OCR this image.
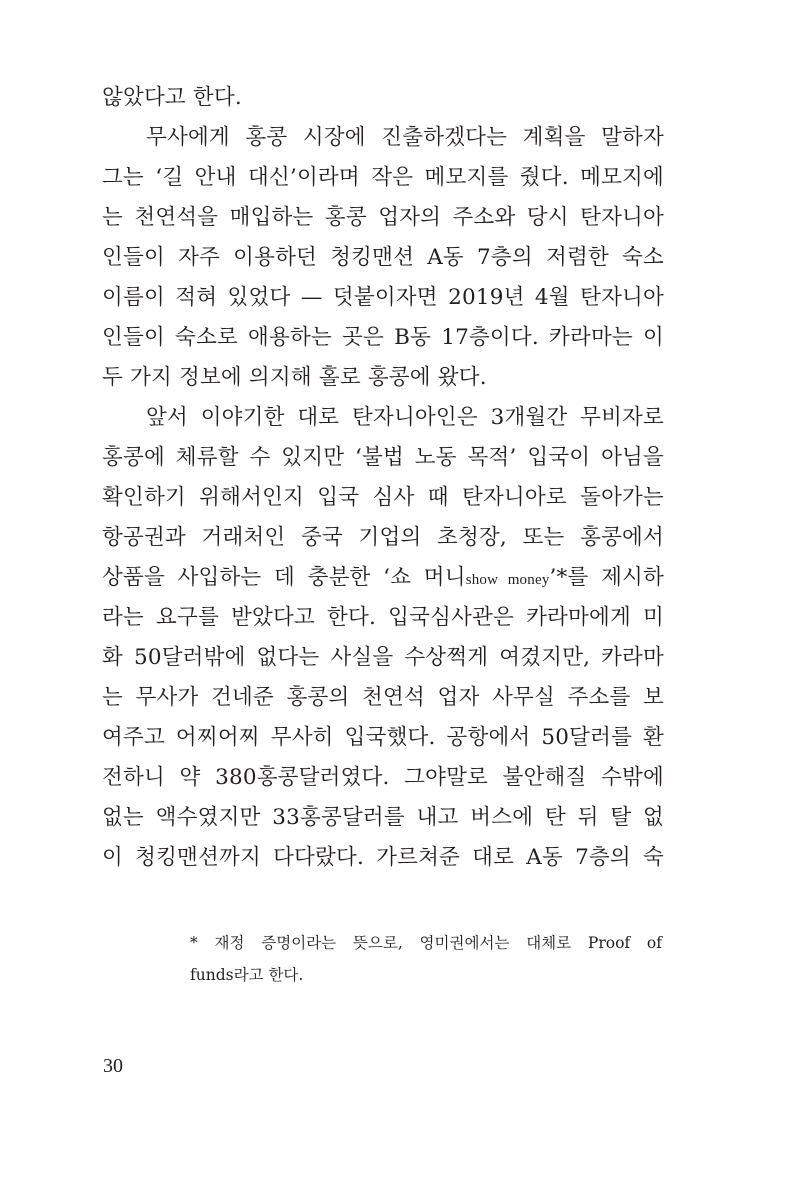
않았다고 한다.
무사에게 홍콩 시장에 진출하겠다는 계획을 말하자
그는 ‘길 안내 대신’이라며 작은 메모지를 줬다. 메모지에
는 천연석을 매입하는 홍콩 업자의 주소와 당시 탄자니아
인들이 자주 이용하던 청킹맨션 A동 7층의 저렴한 숙소
이름이 적혀 있었다 — 덧붙이자면 2019년 4월 탄자니아
인들이 숙소로 애용하는 곳은 B동 17층이다. 카라마는 이
두 가지 정보에 의지해 홀로 홍콩에 왔다.
앞서 이야기한 대로 탄자니아인은 3개월간 무비자로
홍콩에 체류할 수 있지만 ‘불법 노동 목적’ 입국이 아님을
확인하기 위해서인지 입국 심사 때 탄자니아로 돌아가는
항공권과 거래처인 중국 기업의 초청장, 또는 홍콩에서
상품을 사입하는 데 충분한 ‘쇼 머니show money’*를 제시하
라는 요구를 받았다고 한다. 입국심사관은 카라마에게 미
화 50달러밖에 없다는 사실을 수상쩍게 여겼지만, 카라마
는 무사가 건네준 홍콩의 천연석 업자 사무실 주소를 보
여주고 어찌어찌 무사히 입국했다. 공항에서 50달러를 환
전하니 약 380홍콩달러였다. 그야말로 불안해질 수밖에
없는 액수였지만 33홍콩달러를 내고 버스에 탄 뒤 탈 없
이 청킹맨션까지 다다랐다. 가르쳐준 대로 A동 7층의 숙
* 재정 증명이라는 뜻으로, 영미권에서는 대체로 Proof of
funds라고 한다.
30
